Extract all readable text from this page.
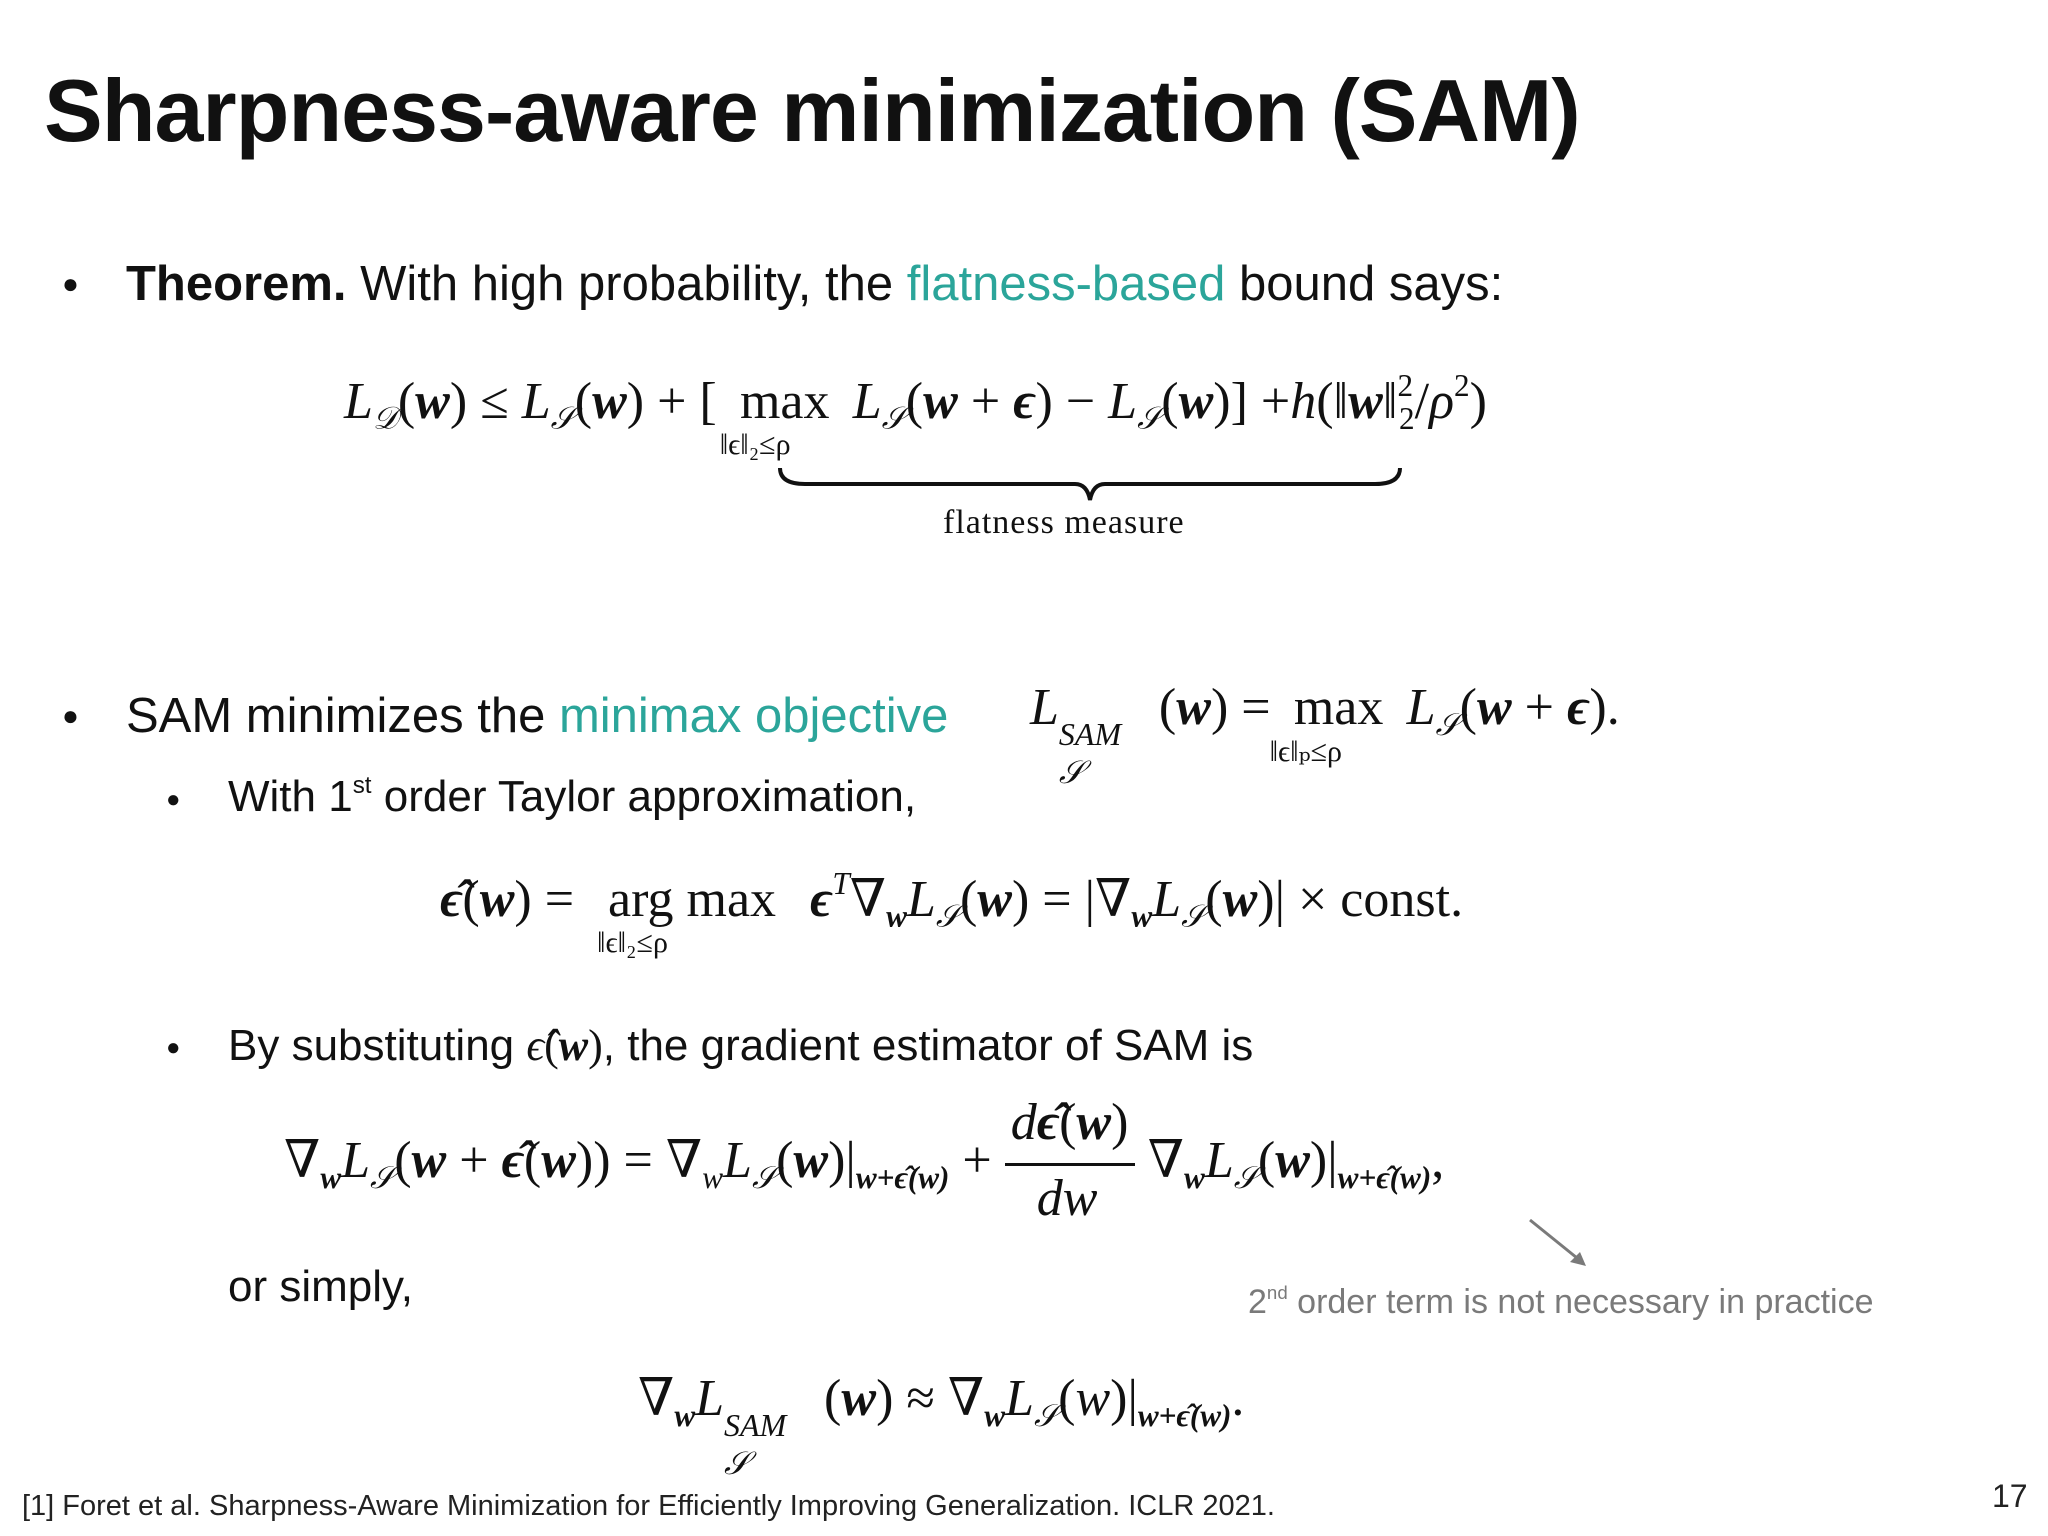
Sharpness-aware minimization (SAM)
● Theorem. With high probability, the flatness-based bound says:
$L_𝒟(w) \le L_𝒮(w)$ + [ max
‖ϵ‖₂≤ρ
$L_𝒮(w + \epsilon) - L_𝒮(w)$] $+h(‖w‖^2_2/\rho^2)$
flatness measure
● SAM minimizes the minimax objective L SAM
𝒮
(w) = max
‖ϵ‖ₚ≤ρ
$L_𝒮(w + \epsilon)$.
● With 1st order Taylor approximation,
ϵ̂(w) = arg max
‖ϵ‖₂≤ρ
$\epsilon^T\nabla_wL_𝒮(w) = |\nabla_wL_𝒮(w)|$ × const.
● By substituting ϵ̂(w), the gradient estimator of SAM is
$\nabla_wL_𝒮(w$ + ϵ̂(w)) = $\nabla_wL_𝒮(w)|_{w+\epsilon̂(w)} + \frac{d\epsilon̂(w)}{dw} \nabla_wL_𝒮(w)|_{w+\epsilon̂(w)}$,
or simply,	2nd order term is not necessary in practice
$\nabla_wL$ SAM
𝒮
$(w) \approx \nabla_wL_𝒮(w)|_{w+\epsilon̂(w)}$.
[1] Foret et al. Sharpness-Aware Minimization for Efficiently Improving Generalization. ICLR 2021.	17
